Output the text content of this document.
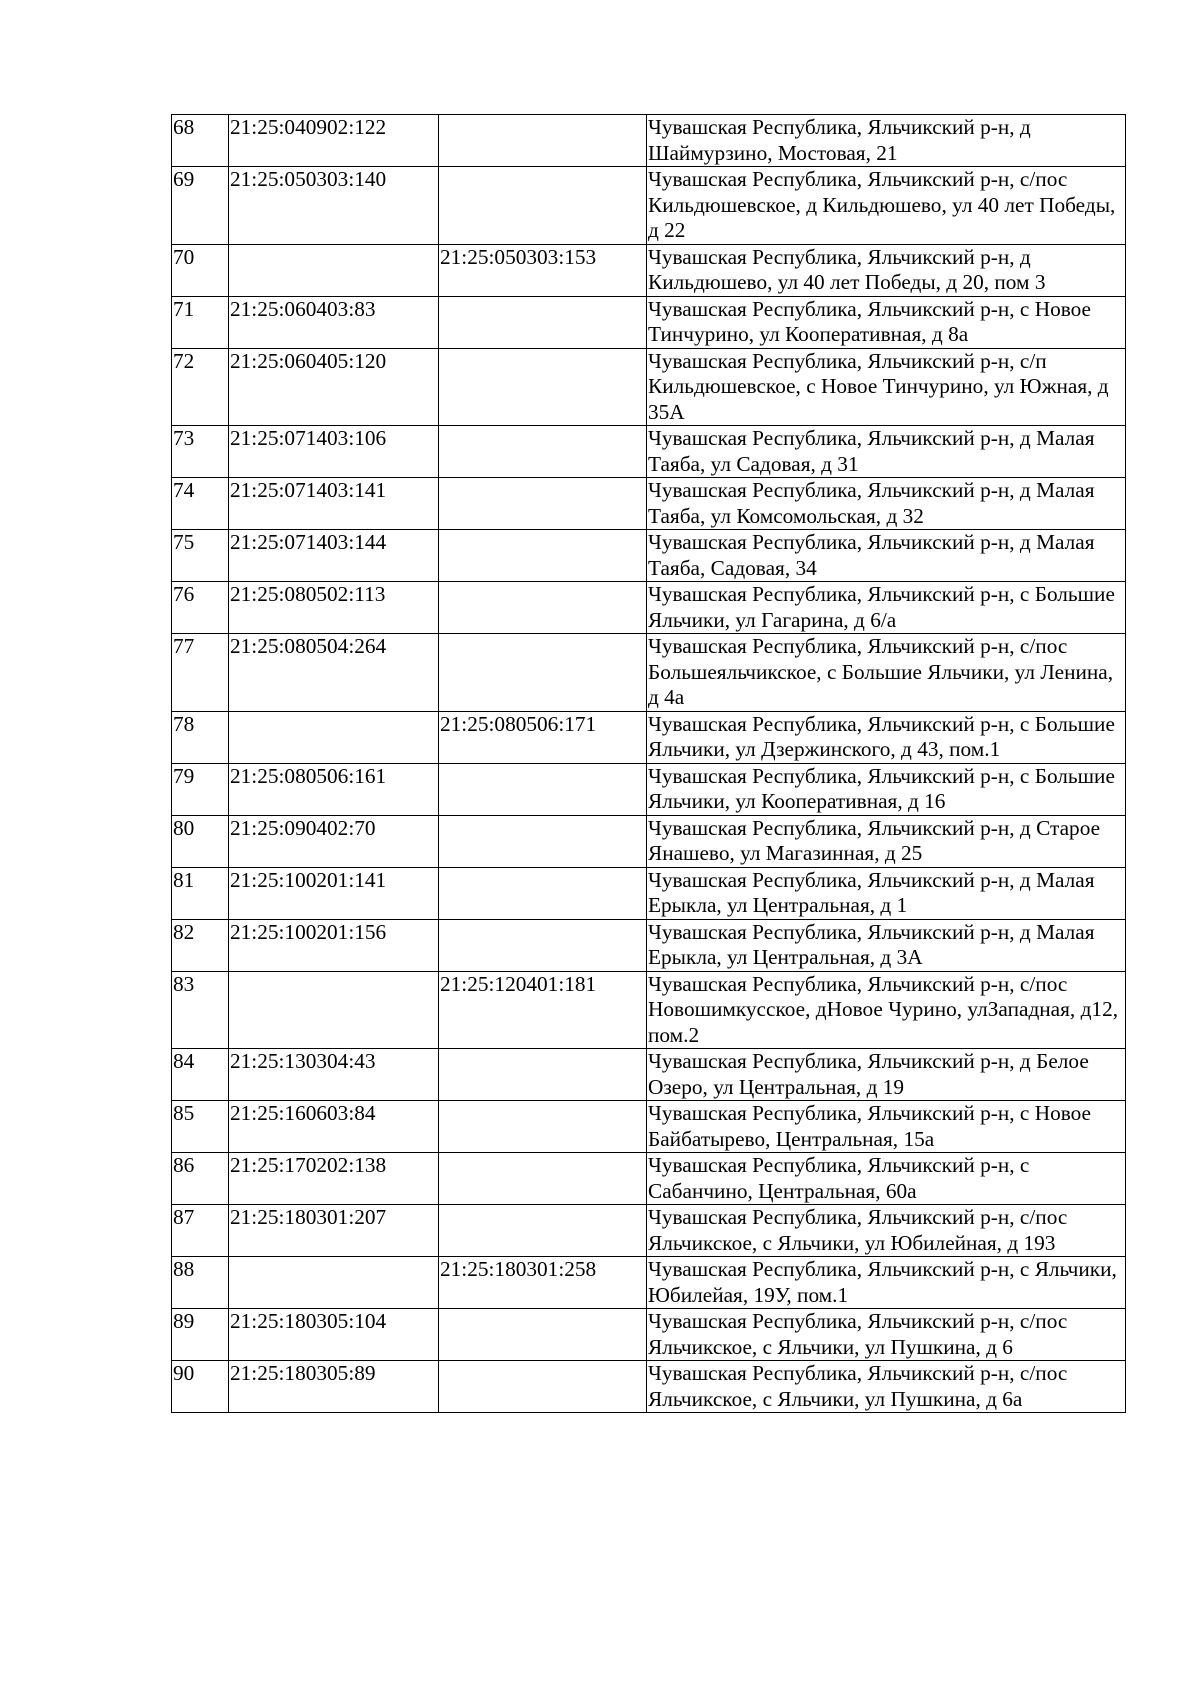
68	21:25:040902:122		Чувашская Республика, Яльчикский р-н, д Шаймурзино, Мостовая, 21
69	21:25:050303:140		Чувашская Республика, Яльчикский р-н, с/пос Кильдюшевское, д Кильдюшево, ул 40 лет Победы, д 22
70		21:25:050303:153	Чувашская Республика, Яльчикский р-н, д Кильдюшево, ул 40 лет Победы, д 20, пом 3
71	21:25:060403:83		Чувашская Республика, Яльчикский р-н, с Новое Тинчурино, ул Кооперативная, д 8а
72	21:25:060405:120		Чувашская Республика, Яльчикский р-н, с/п Кильдюшевское, с Новое Тинчурино, ул Южная, д 35А
73	21:25:071403:106		Чувашская Республика, Яльчикский р-н, д Малая Таяба, ул Садовая, д 31
74	21:25:071403:141		Чувашская Республика, Яльчикский р-н, д Малая Таяба, ул Комсомольская, д 32
75	21:25:071403:144		Чувашская Республика, Яльчикский р-н, д Малая Таяба, Садовая, 34
76	21:25:080502:113		Чувашская Республика, Яльчикский р-н, с Большие Яльчики, ул Гагарина, д 6/а
77	21:25:080504:264		Чувашская Республика, Яльчикский р-н, с/пос Большеяльчикское, с Большие Яльчики, ул Ленина, д 4а
78		21:25:080506:171	Чувашская Республика, Яльчикский р-н, с Большие Яльчики, ул Дзержинского, д 43, пом.1
79	21:25:080506:161		Чувашская Республика, Яльчикский р-н, с Большие Яльчики, ул Кооперативная, д 16
80	21:25:090402:70		Чувашская Республика, Яльчикский р-н, д Старое Янашево, ул Магазинная, д 25
81	21:25:100201:141		Чувашская Республика, Яльчикский р-н, д Малая Ерыкла, ул Центральная, д 1
82	21:25:100201:156		Чувашская Республика, Яльчикский р-н, д Малая Ерыкла, ул Центральная, д 3А
83		21:25:120401:181	Чувашская Республика, Яльчикский р-н, с/пос Новошимкусское, дНовое Чурино, улЗападная, д12, пом.2
84	21:25:130304:43		Чувашская Республика, Яльчикский р-н, д Белое Озеро, ул Центральная, д 19
85	21:25:160603:84		Чувашская Республика, Яльчикский р-н, с Новое Байбатырево, Центральная, 15а
86	21:25:170202:138		Чувашская Республика, Яльчикский р-н, с Сабанчино, Центральная, 60а
87	21:25:180301:207		Чувашская Республика, Яльчикский р-н, с/пос Яльчикское, с Яльчики, ул Юбилейная, д 193
88		21:25:180301:258	Чувашская Республика, Яльчикский р-н, с Яльчики, Юбилейая, 19У, пом.1
89	21:25:180305:104		Чувашская Республика, Яльчикский р-н, с/пос Яльчикское, с Яльчики, ул Пушкина, д 6
90	21:25:180305:89		Чувашская Республика, Яльчикский р-н, с/пос Яльчикское, с Яльчики, ул Пушкина, д 6а
